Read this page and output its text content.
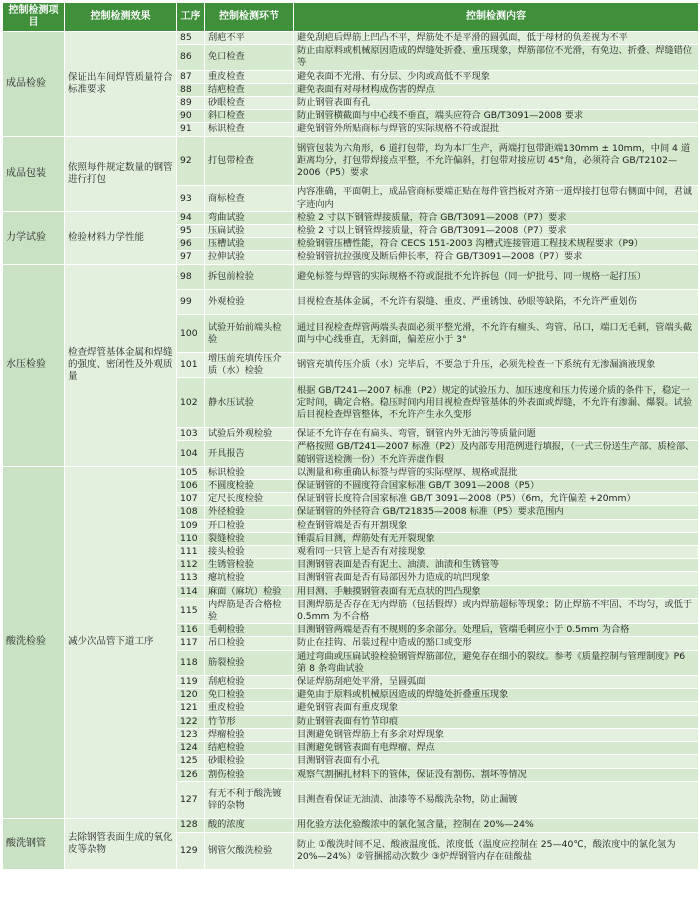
控制检测项目	控制检测效果	工序	控制检测环节	控制检测内容
成品检验	保证出车间焊管质量符合标准要求	85	刮疤不平	避免刮疤后焊筋上凹凸不平，焊筋处不是平滑的圆弧面，低于母材的负差视为不平
		86	免口检查	防止由原料或机械原因造成的焊缝处折叠、重压现象，焊筋部位不光滑，有免边、折叠、焊缝错位等
		87	重皮检查	避免表面不光滑、有分层、少肉或高低不平现象
		88	结疤检查	避免表面有对母材构成伤害的焊点
		89	砂眼检查	防止钢管表面有孔
		90	斜口检查	防止钢管横截面与中心线不垂直，端头应符合 GB/T3091—2008 要求
		91	标识检查	避免钢管外所贴商标与焊管的实际规格不符或混批
成品包装	依照每件规定数量的钢管进行打包	92	打包带检查	钢管包装为六角形，6 道打包带，均为本厂生产，两端打包带距端130mm ± 10mm，中间 4 道距离均分，打包带焊接点平整，不允许偏斜，打包带对接应切 45°角，必须符合 GB/T2102—2006（P5）要求
		93	商标检查	内容准确，平面朝上，成品管商标要端正贴在每件管挡板对齐第一道焊接打包带右侧面中间，君诚字迹向内
力学试验	检验材料力学性能	94	弯曲试验	检验 2 寸以下钢管焊接质量，符合 GB/T3091—2008（P7）要求
		95	压扁试验	检验 2 寸以上钢管焊接质量，符合 GB/T3091—2008（P7）要求
		96	压槽试验	检验钢管压槽性能，符合 CECS 151-2003 沟槽式连接管道工程技术规程要求（P9）
		97	拉伸试验	检验钢管抗拉强度及断后伸长率，符合 GB/T3091—2008（P7）要求
水压检验	检查焊管基体金属和焊缝的强度、密闭性及外观质量	98	拆包前检验	避免标签与焊管的实际规格不符或混批不允许拆包（同一炉批号、同一规格一起打压）
		99	外观检验	目视检查基体金属，不允许有裂缝、重皮、严重锈蚀、砂眼等缺陷，不允许严重划伤
		100	试验开始前端头检验	通过目视检查焊管两端头表面必须平整光滑，不允许有瘤头、弯管、吊口，端口无毛刺，管端头截面与中心线垂直，无斜面，偏差应小于 3°
		101	增压前充填传压介质（水）检验	钢管充填传压介质（水）完毕后，不要急于升压，必须先检查一下系统有无渗漏滴液现象
		102	静水压试验	根据 GB/T241—2007 标准（P2）规定的试验压力、加压速度和压力传递介质的条件下，稳定一定时间，确定合格。稳压时间内用目视检查焊管基体的外表面或焊缝，不允许有渗漏、爆裂。试验后目视检查焊管整体，不允许产生永久变形
		103	试验后外观检验	保证不允许存在有扁头、弯管，钢管内外无油污等质量问题
		104	开具报告	严格按照 GB/T241—2007 标准（P2）及内部专用范例进行填报，（一式三份送生产部、质检部、随钢管送检测一份）不允许弄虚作假
酸洗检验	减少次品管下道工序	105	标识检验	以测量和称重确认标签与焊管的实际壁厚、规格或混批
		106	不圆度检验	保证钢管的不圆度符合国家标准 GB/T 3091—2008（P5）
		107	定尺长度检验	保证钢管长度符合国家标准 GB/T 3091—2008（P5）（6m，允许偏差 +20mm）
		108	外径检验	保证钢管的外径符合 GB/T21835—2008 标准（P5）要求范围内
		109	开口检验	检查钢管端是否有开割现象
		110	裂缝检验	锤震后目测，焊筋处有无开裂现象
		111	接头检验	观看同一只管上是否有对接现象
		112	生锈管检验	目测钢管表面是否有泥土、油渍、油渍和生锈管等
		113	瘪坑检验	目测钢管表面是否有局部因外力造成的坑凹现象
		114	麻面（麻坑）检验	用目测、手触摸钢管表面有无点状的凹凸现象
		115	内焊筋是否合格检验	目测焊筋是否存在无内焊筋（包括假焊）或内焊筋超标等现象；防止焊筋不牢固、不均匀，或低于 0.5mm 为不合格
		116	毛刺检验	目测钢管两端是否有不规则的多余部分。处理后，管端毛刺应小于 0.5mm 为合格
		117	吊口检验	防止在挂钩、吊装过程中造成的豁口或变形
		118	筋裂检验	通过弯曲或压扁试验检验钢管焊筋部位，避免存在细小的裂纹。参考《质量控制与管理制度》P6 第 8 条弯曲试验
		119	刮疤检验	保证焊筋刮疤处平滑，呈圆弧面
		120	免口检验	避免由于原料或机械原因造成的焊缝处折叠重压现象
		121	重皮检验	避免钢管表面有重皮现象
		122	竹节形	防止钢管表面有竹节印痕
		123	焊瘤检验	目测避免钢管焊筋上有多余对焊现象
		124	结疤检验	目测避免钢管表面有电焊瘤、焊点
		125	砂眼检验	目测钢管表面有小孔
		126	割伤检验	观察气割捆扎材料下的管体，保证没有割伤、割坏等情况
		127	有无不利于酸洗镀锌的杂物	目测查看保证无油渍、油漆等不易酸洗杂物，防止漏镀
酸洗钢管	去除钢管表面生成的氧化皮等杂物	128	酸的浓度	用化验方法化验酸浓中的氯化氢含量，控制在 20%—24%
		129	钢管欠酸洗检验	防止 ①酸洗时间不足、酸液温度低、浓度低（温度应控制在 25—40℃，酸浓度中的氯化氢为 20%—24%）②管捆摇动次数少 ③炉焊钢管内存在硅酸盐
